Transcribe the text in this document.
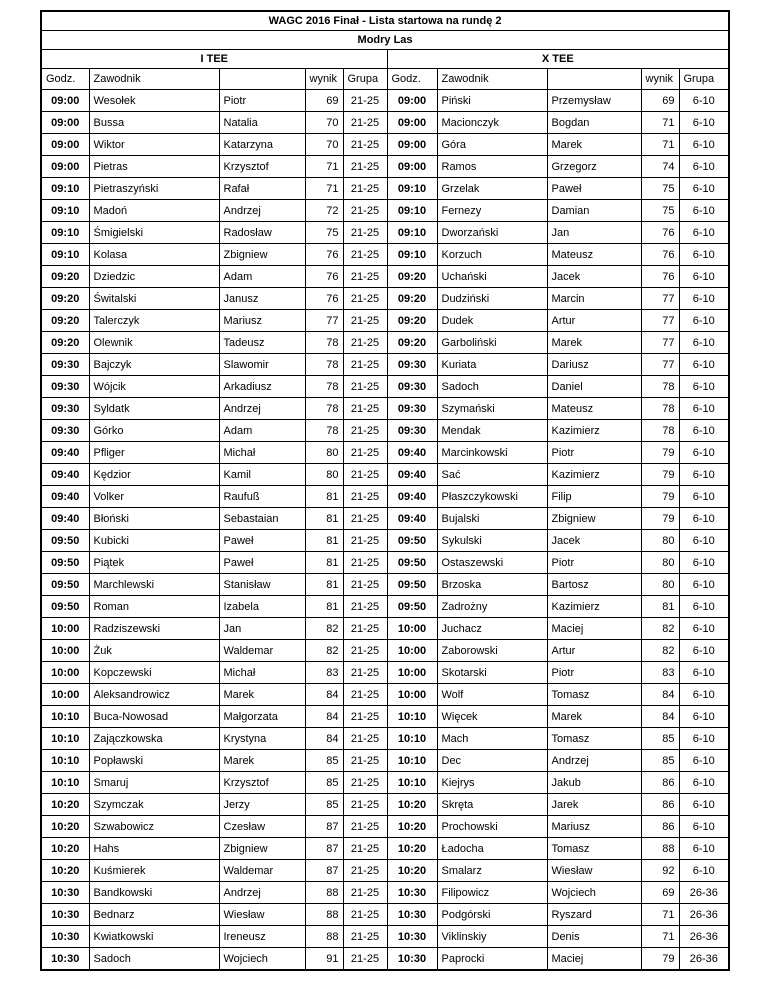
WAGC 2016 Finał - Lista startowa na rundę 2									
Modry Las									
I TEE					X TEE				
Godz.	Zawodnik		wynik	Grupa	Godz.	Zawodnik		wynik	Grupa
09:00	Wesołek	Piotr	69	21-25	09:00	Piński	Przemysław	69	6-10
09:00	Bussa	Natalia	70	21-25	09:00	Macionczyk	Bogdan	71	6-10
09:00	Wiktor	Katarzyna	70	21-25	09:00	Góra	Marek	71	6-10
09:00	Pietras	Krzysztof	71	21-25	09:00	Ramos	Grzegorz	74	6-10
09:10	Pietraszyński	Rafał	71	21-25	09:10	Grzelak	Paweł	75	6-10
09:10	Madoń	Andrzej	72	21-25	09:10	Fernezy	Damian	75	6-10
09:10	Śmigielski	Radosław	75	21-25	09:10	Dworzański	Jan	76	6-10
09:10	Kolasa	Zbigniew	76	21-25	09:10	Korzuch	Mateusz	76	6-10
09:20	Dziedzic	Adam	76	21-25	09:20	Uchański	Jacek	76	6-10
09:20	Świtalski	Janusz	76	21-25	09:20	Dudziński	Marcin	77	6-10
09:20	Talerczyk	Mariusz	77	21-25	09:20	Dudek	Artur	77	6-10
09:20	Olewnik	Tadeusz	78	21-25	09:20	Garboliński	Marek	77	6-10
09:30	Bajczyk	Slawomir	78	21-25	09:30	Kuriata	Dariusz	77	6-10
09:30	Wójcik	Arkadiusz	78	21-25	09:30	Sadoch	Daniel	78	6-10
09:30	Syldatk	Andrzej	78	21-25	09:30	Szymański	Mateusz	78	6-10
09:30	Górko	Adam	78	21-25	09:30	Mendak	Kazimierz	78	6-10
09:40	Pfliger	Michał	80	21-25	09:40	Marcinkowski	Piotr	79	6-10
09:40	Kędzior	Kamil	80	21-25	09:40	Sać	Kazimierz	79	6-10
09:40	Volker	Raufuß	81	21-25	09:40	Płaszczykowski	Filip	79	6-10
09:40	Błoński	Sebastaian	81	21-25	09:40	Bujalski	Zbigniew	79	6-10
09:50	Kubicki	Paweł	81	21-25	09:50	Sykulski	Jacek	80	6-10
09:50	Piątek	Paweł	81	21-25	09:50	Ostaszewski	Piotr	80	6-10
09:50	Marchlewski	Stanisław	81	21-25	09:50	Brzoska	Bartosz	80	6-10
09:50	Roman	Izabela	81	21-25	09:50	Zadrożny	Kazimierz	81	6-10
10:00	Radziszewski	Jan	82	21-25	10:00	Juchacz	Maciej	82	6-10
10:00	Żuk	Waldemar	82	21-25	10:00	Zaborowski	Artur	82	6-10
10:00	Kopczewski	Michał	83	21-25	10:00	Skotarski	Piotr	83	6-10
10:00	Aleksandrowicz	Marek	84	21-25	10:00	Wolf	Tomasz	84	6-10
10:10	Buca-Nowosad	Małgorzata	84	21-25	10:10	Więcek	Marek	84	6-10
10:10	Zajączkowska	Krystyna	84	21-25	10:10	Mach	Tomasz	85	6-10
10:10	Popławski	Marek	85	21-25	10:10	Dec	Andrzej	85	6-10
10:10	Smaruj	Krzysztof	85	21-25	10:10	Kiejrys	Jakub	86	6-10
10:20	Szymczak	Jerzy	85	21-25	10:20	Skręta	Jarek	86	6-10
10:20	Szwabowicz	Czesław	87	21-25	10:20	Prochowski	Mariusz	86	6-10
10:20	Hahs	Zbigniew	87	21-25	10:20	Ładocha	Tomasz	88	6-10
10:20	Kuśmierek	Waldemar	87	21-25	10:20	Smalarz	Wiesław	92	6-10
10:30	Bandkowski	Andrzej	88	21-25	10:30	Filipowicz	Wojciech	69	26-36
10:30	Bednarz	Wiesław	88	21-25	10:30	Podgórski	Ryszard	71	26-36
10:30	Kwiatkowski	Ireneusz	88	21-25	10:30	Viklinskiy	Denis	71	26-36
10:30	Sadoch	Wojciech	91	21-25	10:30	Paprocki	Maciej	79	26-36
